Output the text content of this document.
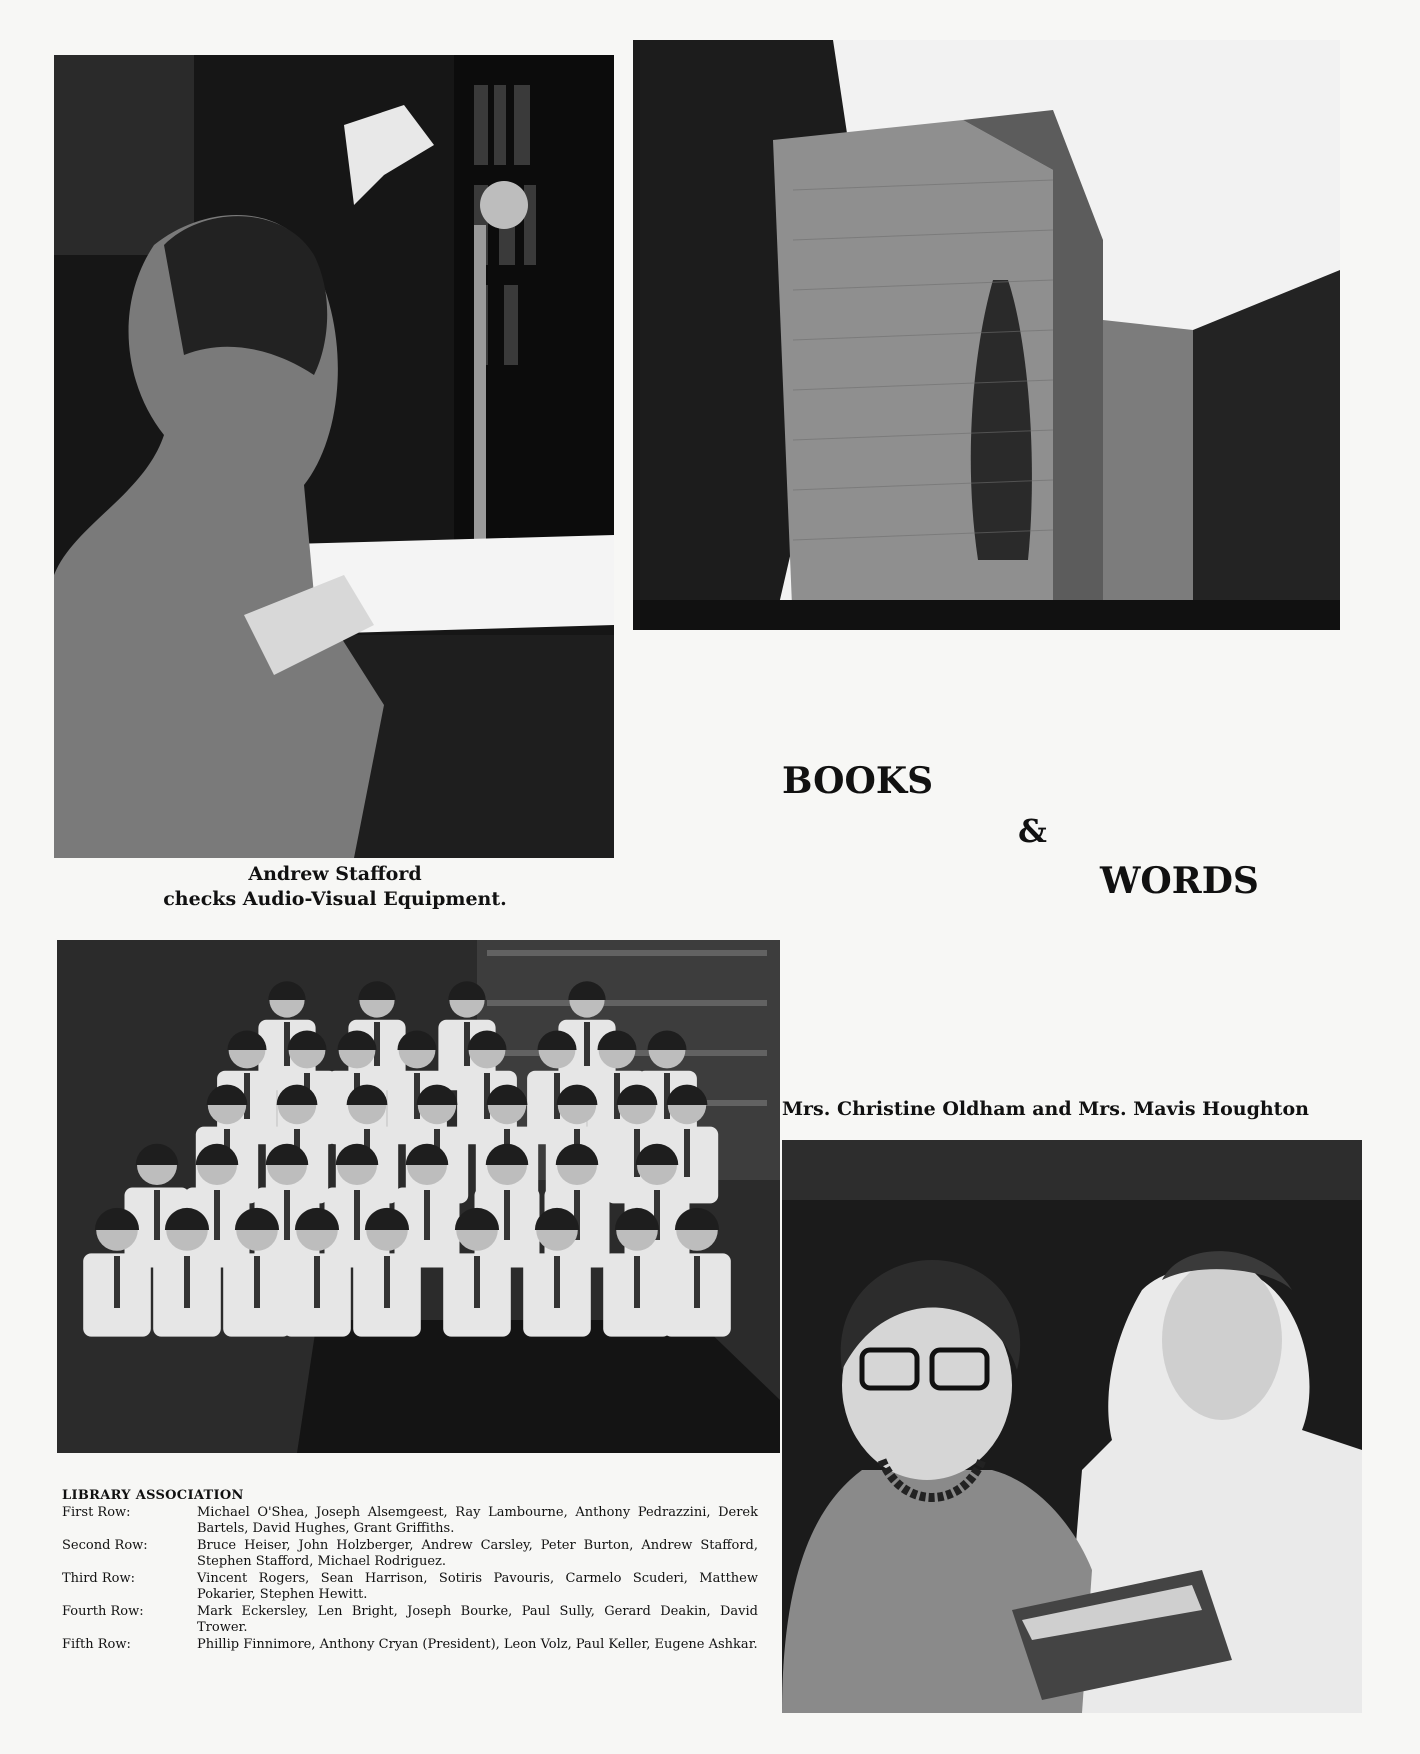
Andrew Stafford
checks Audio-Visual Equipment.
BOOKS
&
WORDS
Mrs. Christine Oldham and Mrs. Mavis Houghton
LIBRARY ASSOCIATION
First Row:	Michael O'Shea, Joseph Alsemgeest, Ray Lambourne, Anthony Pedrazzini, Derek Bartels, David Hughes, Grant Griffiths.
Second Row:	Bruce Heiser, John Holzberger, Andrew Carsley, Peter Burton, Andrew Stafford, Stephen Stafford, Michael Rodriguez.
Third Row:	Vincent Rogers, Sean Harrison, Sotiris Pavouris, Carmelo Scuderi, Matthew Pokarier, Stephen Hewitt.
Fourth Row:	Mark Eckersley, Len Bright, Joseph Bourke, Paul Sully, Gerard Deakin, David Trower.
Fifth Row:	Phillip Finnimore, Anthony Cryan (President), Leon Volz, Paul Keller, Eugene Ashkar.
